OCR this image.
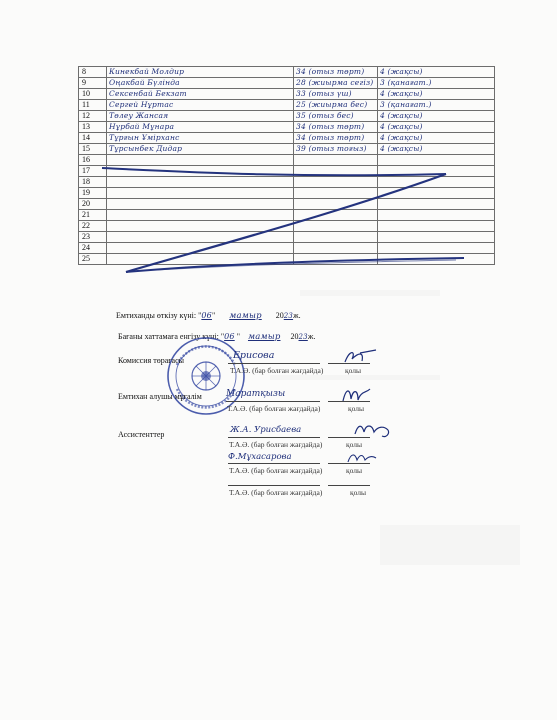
8	Кинекбай Молдир	34 (отыз төрт)	4 (жақсы)
9	Оңакбай Бүлінда	28 (жиырма сегіз)	3 (қанағат.)
10	Сексенбай Бекзат	33 (отыз үш)	4 (жақсы)
11	Сергей Нұртас	25 (жиырма бес)	3 (қанағат.)
12	Төлеу Жансая	35 (отыз бес)	4 (жақсы)
13	Нұрбай Мұнара	34 (отыз төрт)	4 (жақсы)
14	Тұрғын Ұмірханс	34 (отыз төрт)	4 (жақсы)
15	Тұрсынбек Дидар	39 (отыз тоғыз)	4 (жақсы)
16			
17			
18			
19			
20			
21			
22			
23			
24			
25			
Емтиханды өткізу күні: "06" мамыр 2023ж.
Бағаны хаттамаға енгізу күні: "06 " мамыр 2023ж.
Комиссия төрағасы	Ерисова
Т.А.Ә. (бар болған жағдайда)	қолы
Емтихан алушы мұғалім	Маратқызы
Т.А.Ә. (бар болған жағдайда)	қолы
Ассистенттер	Ж.А. Урисбаева
Т.А.Ә. (бар болған жағдайда)	қолы
Ф.Мұхасарова
Т.А.Ә. (бар болған жағдайда)	қолы
Т.А.Ә. (бар болған жағдайда)	қолы
